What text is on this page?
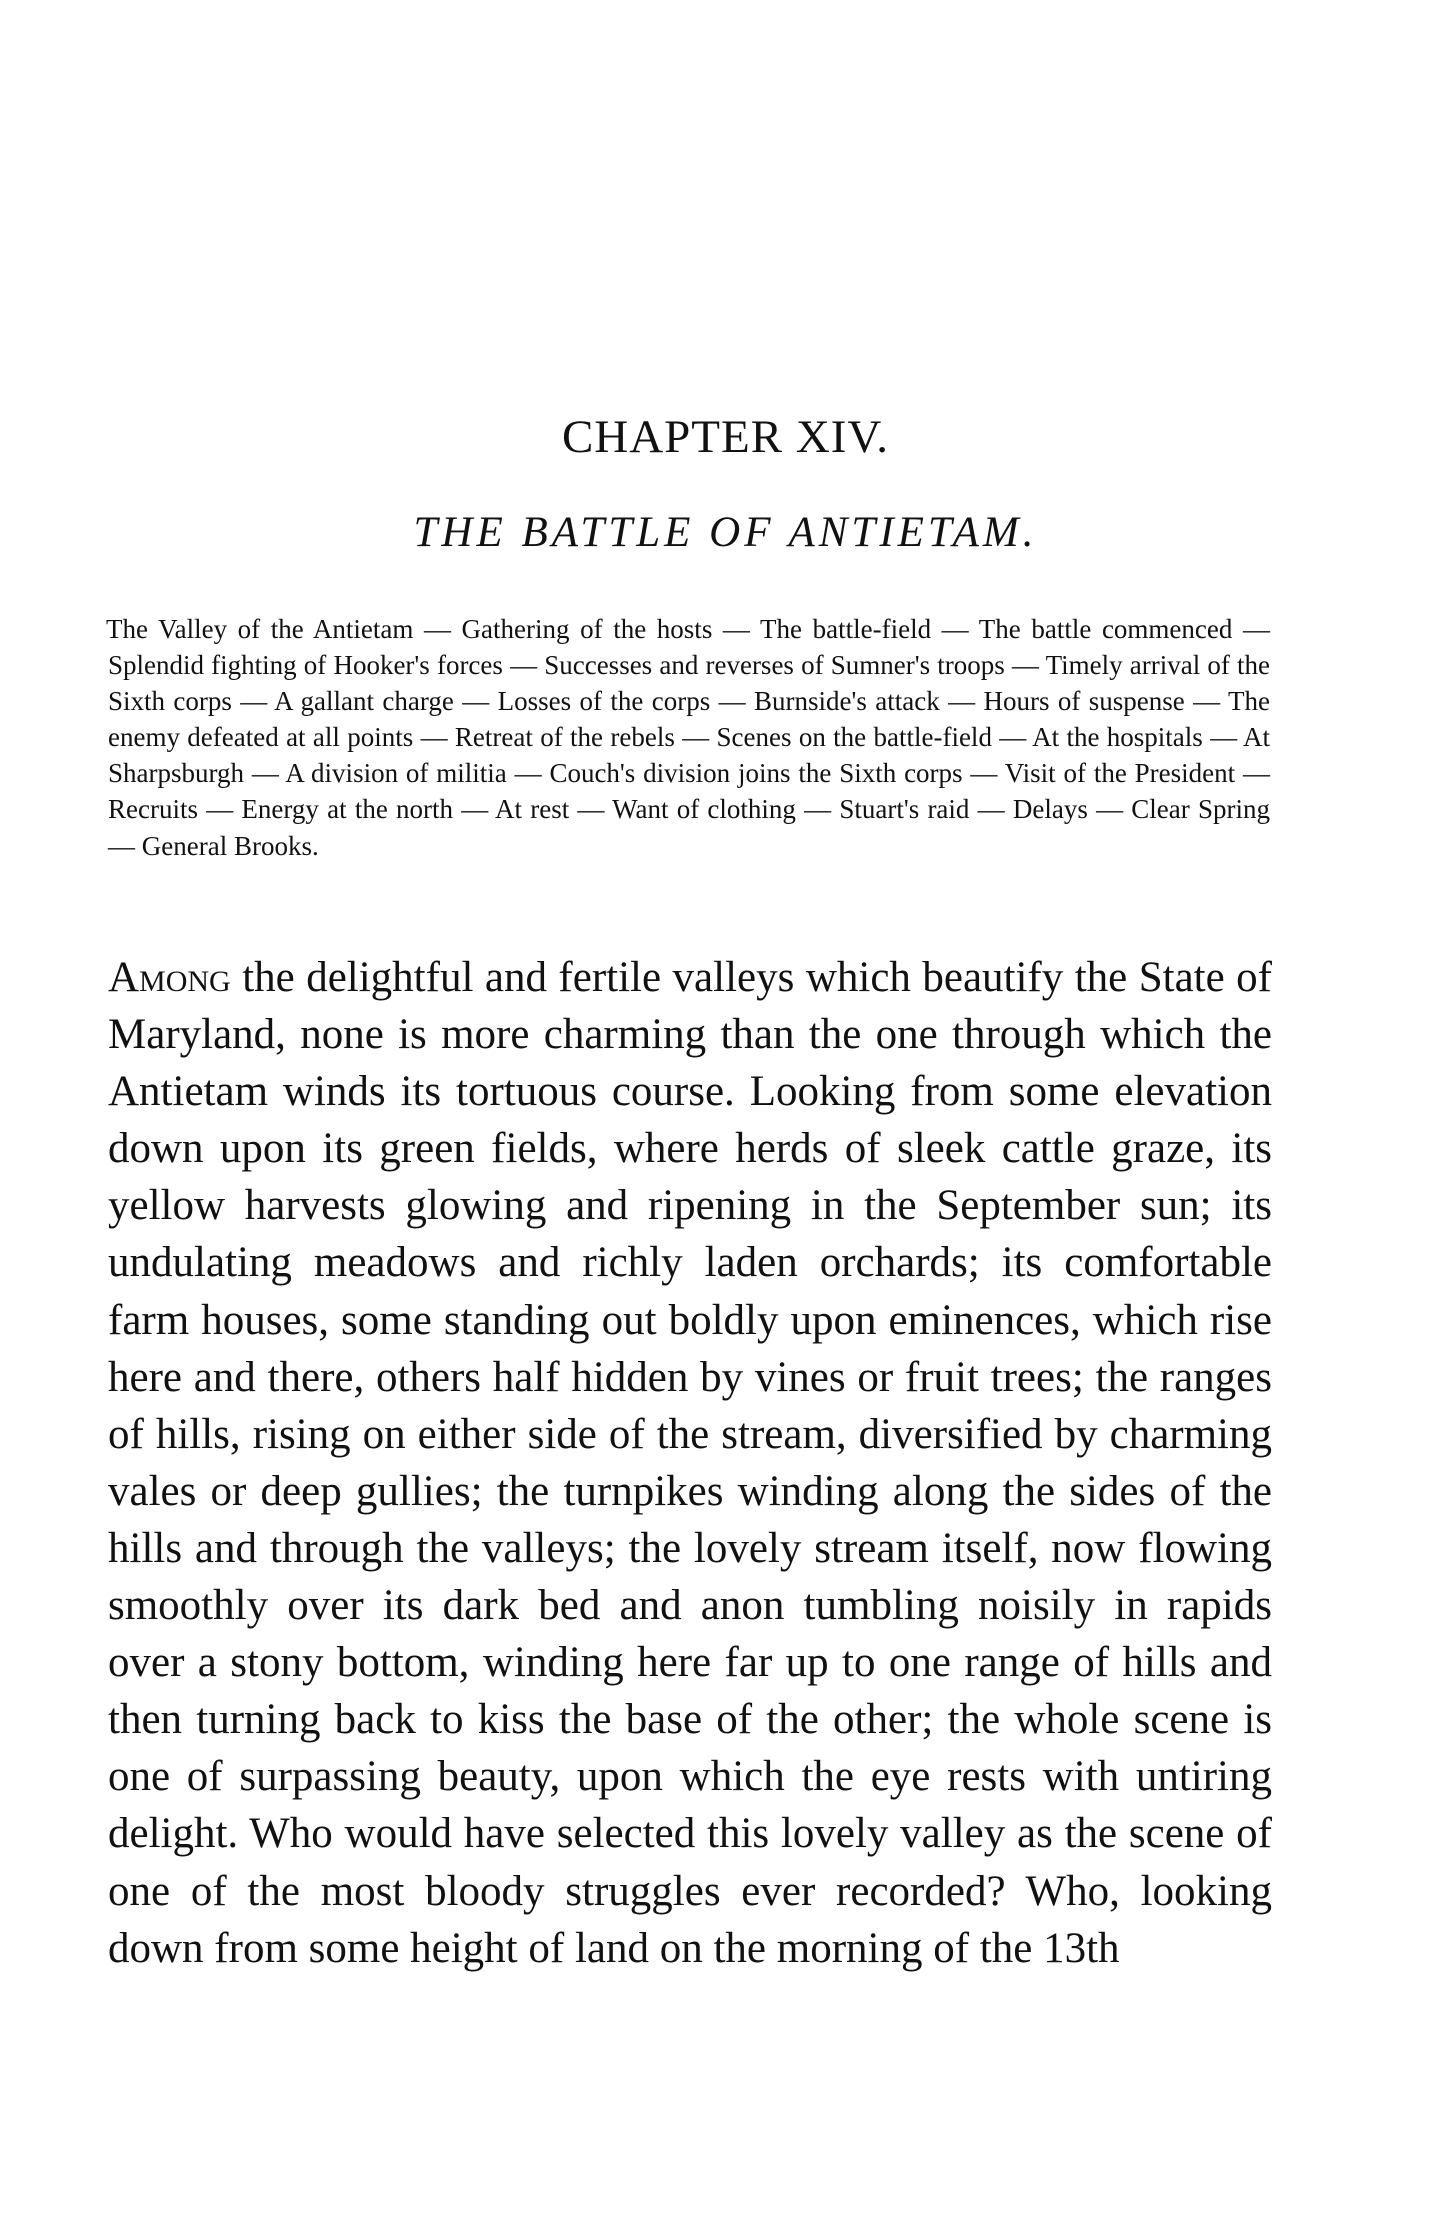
CHAPTER XIV.
THE BATTLE OF ANTIETAM.

The Valley of the Antietam — Gathering of the hosts — The battle-field — The battle commenced — Splendid fighting of Hooker's forces — Successes and reverses of Sumner's troops — Timely arrival of the Sixth corps — A gallant charge — Losses of the corps — Burnside's attack — Hours of suspense — The enemy defeated at all points — Retreat of the rebels — Scenes on the battle-field — At the hospitals — At Sharpsburgh — A division of militia — Couch's division joins the Sixth corps — Visit of the President — Recruits — Energy at the north — At rest — Want of clothing — Stuart's raid — Delays — Clear Spring — General Brooks.

Among the delightful and fertile valleys which beautify the State of Maryland, none is more charming than the one through which the Antietam winds its tortuous course. Looking from some elevation down upon its green fields, where herds of sleek cattle graze, its yellow harvests glowing and ripening in the September sun; its undulating meadows and richly laden orchards; its comfortable farm houses, some standing out boldly upon eminences, which rise here and there, others half hidden by vines or fruit trees; the ranges of hills, rising on either side of the stream, diversified by charming vales or deep gullies; the turnpikes winding along the sides of the hills and through the valleys; the lovely stream itself, now flowing smoothly over its dark bed and anon tumbling noisily in rapids over a stony bottom, winding here far up to one range of hills and then turning back to kiss the base of the other; the whole scene is one of surpassing beauty, upon which the eye rests with untiring delight. Who would have selected this lovely valley as the scene of one of the most bloody struggles ever recorded? Who, looking down from some height of land on the morning of the 13th
